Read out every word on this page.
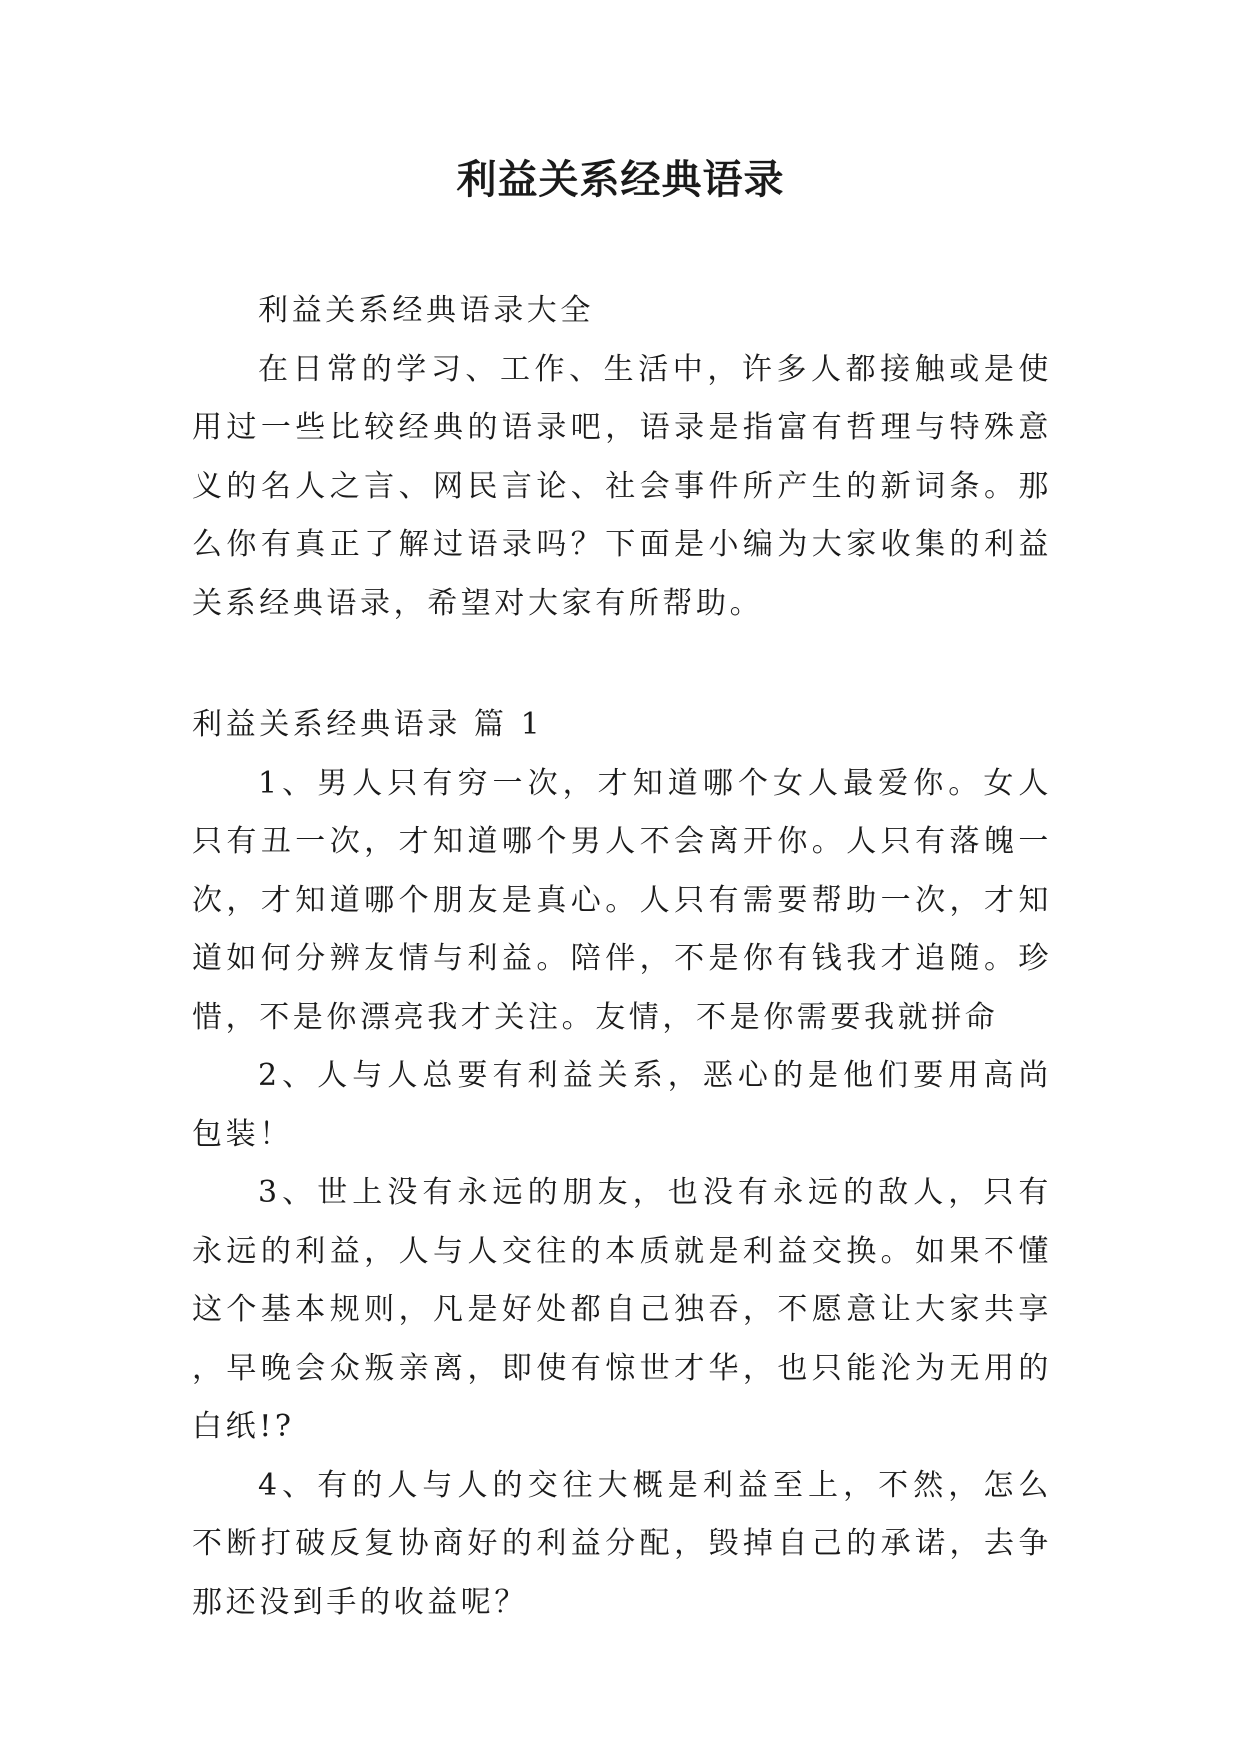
利益关系经典语录

利益关系经典语录大全

在日常的学习、工作、生活中，许多人都接触或是使用过一些比较经典的语录吧，语录是指富有哲理与特殊意义的名人之言、网民言论、社会事件所产生的新词条。那么你有真正了解过语录吗？下面是小编为大家收集的利益关系经典语录，希望对大家有所帮助。

利益关系经典语录 篇 1

1、男人只有穷一次，才知道哪个女人最爱你。女人只有丑一次，才知道哪个男人不会离开你。人只有落魄一次，才知道哪个朋友是真心。人只有需要帮助一次，才知道如何分辨友情与利益。陪伴，不是你有钱我才追随。珍惜，不是你漂亮我才关注。友情，不是你需要我就拼命

2、人与人总要有利益关系，恶心的是他们要用高尚包装！

3、世上没有永远的朋友，也没有永远的敌人，只有永远的利益，人与人交往的本质就是利益交换。如果不懂这个基本规则，凡是好处都自己独吞，不愿意让大家共享，早晚会众叛亲离，即使有惊世才华，也只能沦为无用的白纸!?

4、有的人与人的交往大概是利益至上，不然，怎么不断打破反复协商好的利益分配，毁掉自己的承诺，去争那还没到手的收益呢？
